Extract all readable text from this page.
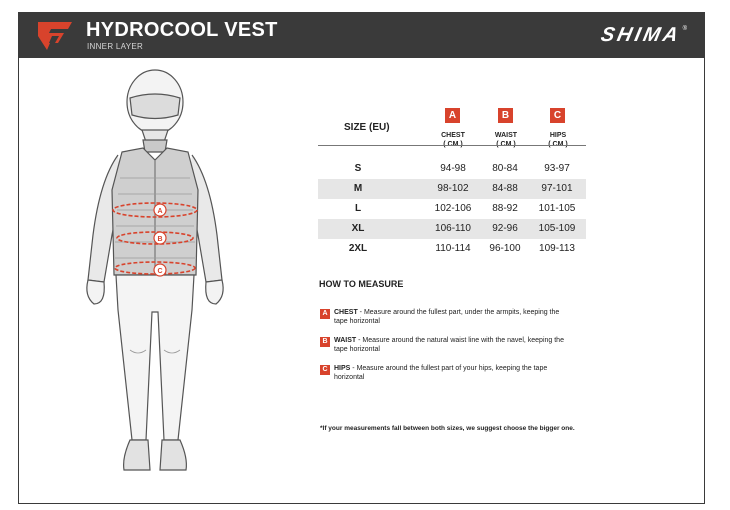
HYDROCOOL VEST
INNER LAYER
SHIMA ®
A
B
C
SIZE (EU)
A	B	C
CHEST	WAIST	HIPS
S	94-98	80-84	93-97
M	98-102	84-88	97-101
L	102-106	88-92	101-105
XL	106-110	92-96	105-109
2XL	110-114	96-100	109-113
HOW TO MEASURE
A CHEST - Measure around the fullest part, under the armpits, keeping the tape horizontal
B WAIST - Measure around the natural waist line with the navel, keeping the tape horizontal
C HIPS - Measure around the fullest part of your hips, keeping the tape horizontal
*If your measurements fall between both sizes, we suggest choose the bigger one.
